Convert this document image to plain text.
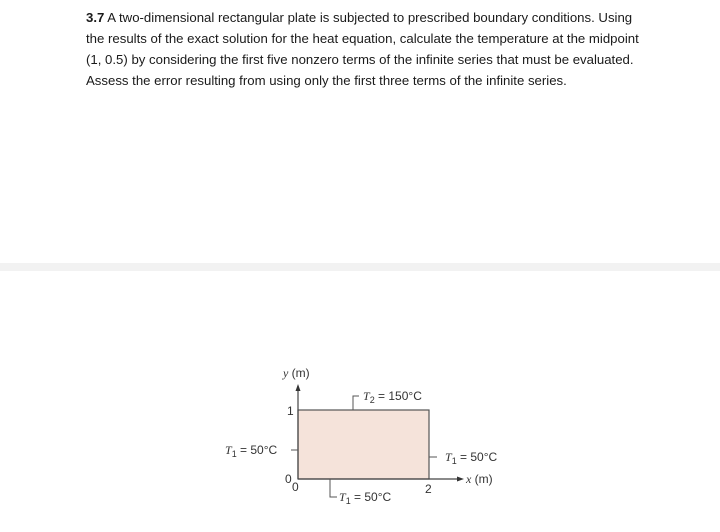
3.7 A two-dimensional rectangular plate is subjected to prescribed boundary conditions. Using the results of the exact solution for the heat equation, calculate the temperature at the midpoint (1, 0.5) by considering the first five nonzero terms of the infinite series that must be evaluated. Assess the error resulting from using only the first three terms of the infinite series.
y (m)
x (m)
1
0
0	2
$T_2 = 150^\circ C$
$T_1 = 50^\circ C$	$T_1 = 50^\circ C$
$T_1 = 50^\circ C$
